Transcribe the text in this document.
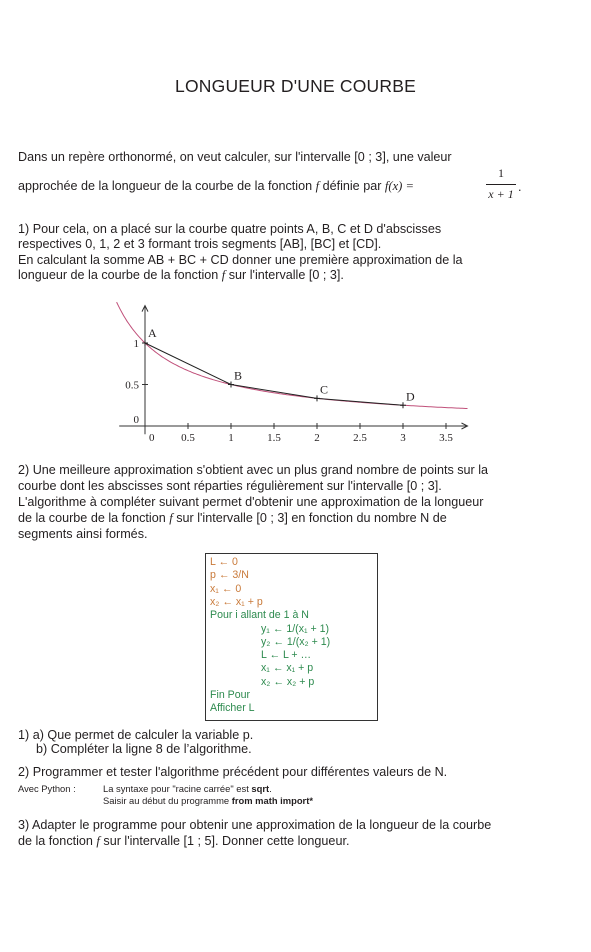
LONGUEUR D'UNE COURBE
Dans un repère orthonormé, on veut calculer, sur l'intervalle [0 ; 3], une valeur
approchée de la longueur de la courbe de la fonction f définie par f(x) =
1
x + 1 .
1) Pour cela, on a placé sur la courbe quatre points A, B, C et D d'abscisses
respectives 0, 1, 2 et 3 formant trois segments [AB], [BC] et [CD].
En calculant la somme AB + BC + CD donner une première approximation de la
longueur de la courbe de la fonction f sur l'intervalle [0 ; 3].
0 0.5	1	1.5	2	2.5	3	3.5
0
0.5
1
A
B
C	D
2) Une meilleure approximation s'obtient avec un plus grand nombre de points sur la
courbe dont les abscisses sont réparties régulièrement sur l'intervalle [0 ; 3].
L'algorithme à compléter suivant permet d'obtenir une approximation de la longueur
de la courbe de la fonction f sur l'intervalle [0 ; 3] en fonction du nombre N de
segments ainsi formés.
L ← 0
p ← 3/N
x₁ ← 0
x₂ ← x₁ + p
Pour i allant de 1 à N
y₁ ← 1/(x₁ + 1)
y₂ ← 1/(x₂ + 1)
L ← L + …
x₁ ← x₁ + p
x₂ ← x₂ + p
Fin Pour
Afficher L
1) a) Que permet de calculer la variable p.
b) Compléter la ligne 8 de l’algorithme.
2) Programmer et tester l'algorithme précédent pour différentes valeurs de N.
Avec Python :	La syntaxe pour "racine carrée" est sqrt.
Saisir au début du programme from math import*
3) Adapter le programme pour obtenir une approximation de la longueur de la courbe
de la fonction f sur l'intervalle [1 ; 5]. Donner cette longueur.
